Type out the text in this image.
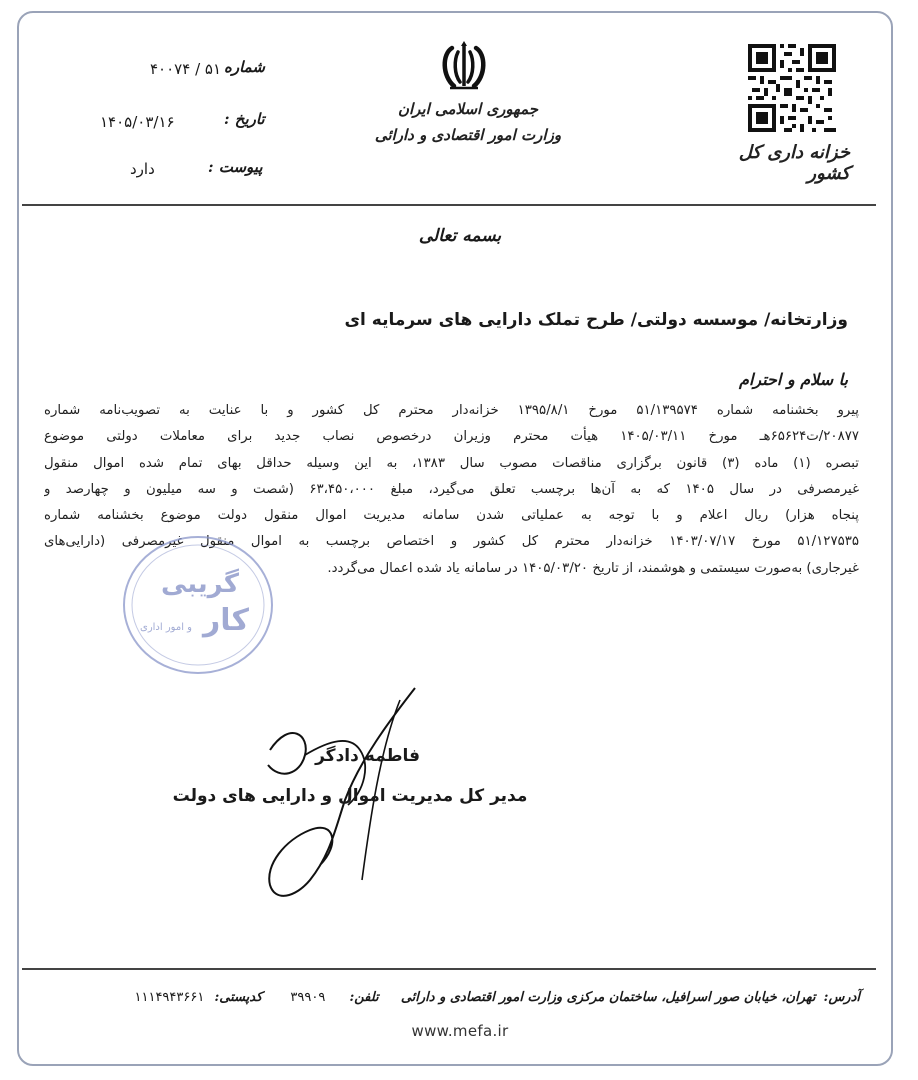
۵۱ / ۴۰۰۷۴ شماره
۱۴۰۵/۰۳/۱۶	تاریخ :
دارد	پیوست :
جمهوری اسلامی ایران
وزارت امور اقتصادی و دارائی
خزانه داری کل کشور
بسمه تعالی
وزارتخانه/ موسسه دولتی/ طرح تملک دارایی های سرمایه ای
با سلام و احترام
پیرو بخشنامه شماره ۵۱/۱۳۹۵۷۴ مورخ ۱۳۹۵/۸/۱ خزانه‌دار محترم کل کشور و با عنایت به تصویب‌نامه شماره
۲۰۸۷۷/ت۶۵۶۲۴هـ مورخ ۱۴۰۵/۰۳/۱۱ هیأت محترم وزیران درخصوص نصاب جدید برای معاملات دولتی موضوع
تبصره (۱) ماده (۳) قانون برگزاری مناقصات مصوب سال ۱۳۸۳، به این وسیله حداقل بهای تمام شده اموال منقول
غیرمصرفی در سال ۱۴۰۵ که به آن‌ها برچسب تعلق می‌گیرد، مبلغ ۶۳،۴۵۰،۰۰۰ (شصت و سه میلیون و چهارصد و
پنجاه هزار) ریال اعلام و با توجه به عملیاتی شدن سامانه مدیریت اموال منقول دولت موضوع بخشنامه شماره
۵۱/۱۲۷۵۳۵ مورخ ۱۴۰۳/۰۷/۱۷ خزانه‌دار محترم کل کشور و اختصاص برچسب به اموال منقول غیرمصرفی (دارایی‌های
غیرجاری) به‌صورت سیستمی و هوشمند، از تاریخ ۱۴۰۵/۰۳/۲۰ در سامانه یاد شده اعمال می‌گردد.
گریبی
کار
و امور اداری
فاطمه دادگر
مدیر کل مدیریت اموال و دارایی های دولت
آدرس: تهران، خیابان صور اسرافیل، ساختمان مرکزی وزارت امور اقتصادی و دارائی تلفن: ۳۹۹۰۹ کدپستی: ۱۱۱۴۹۴۳۶۶۱
www.mefa.ir
